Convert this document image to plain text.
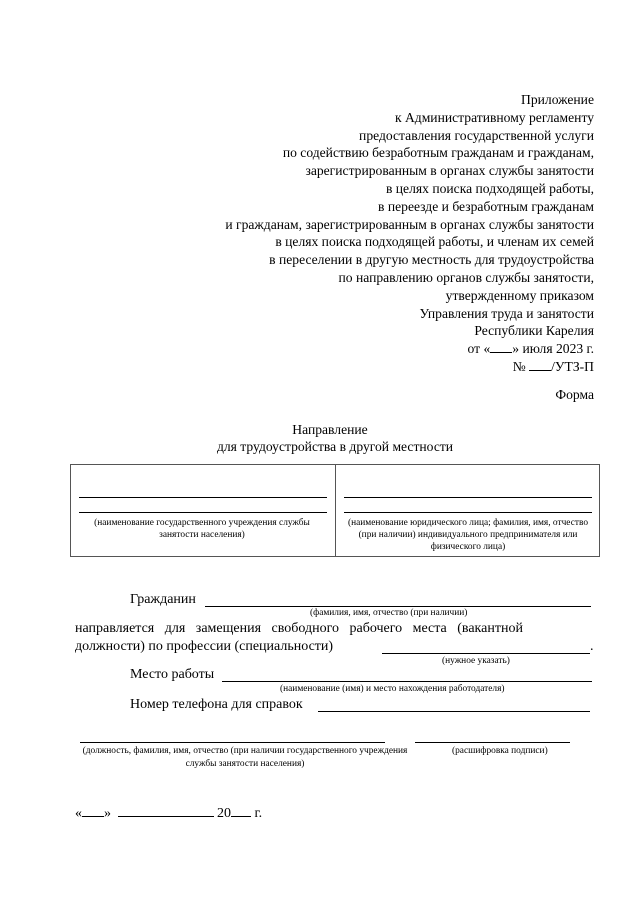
Приложение
к Административному регламенту
предоставления государственной услуги
по содействию безработным гражданам и гражданам,
зарегистрированным в органах службы занятости
в целях поиска подходящей работы,
в переезде и безработным гражданам
и гражданам, зарегистрированным в органах службы занятости
в целях поиска подходящей работы, и членам их семей
в переселении в другую местность для трудоустройства
по направлению органов службы занятости,
утвержденному приказом
Управления труда и занятости
Республики Карелия
от « » июля 2023 г.
№ /УТЗ-П
Форма
Направление
для трудоустройства в другой местности
(наименование государственного учреждения службы занятости населения)
(наименование юридического лица; фамилия, имя, отчество (при наличии) индивидуального предпринимателя или физического лица)
Гражданин
(фамилия, имя, отчество (при наличии)
направляется   для   замещения   свободного   рабочего   места   (вакантной
должности) по профессии (специальности)	.
(нужное указать)
Место работы
(наименование (имя) и место нахождения работодателя)
Номер телефона для справок
(должность, фамилия, имя, отчество (при наличии государственного учреждения службы занятости населения)
(расшифровка подписи)
« »	20 г.
